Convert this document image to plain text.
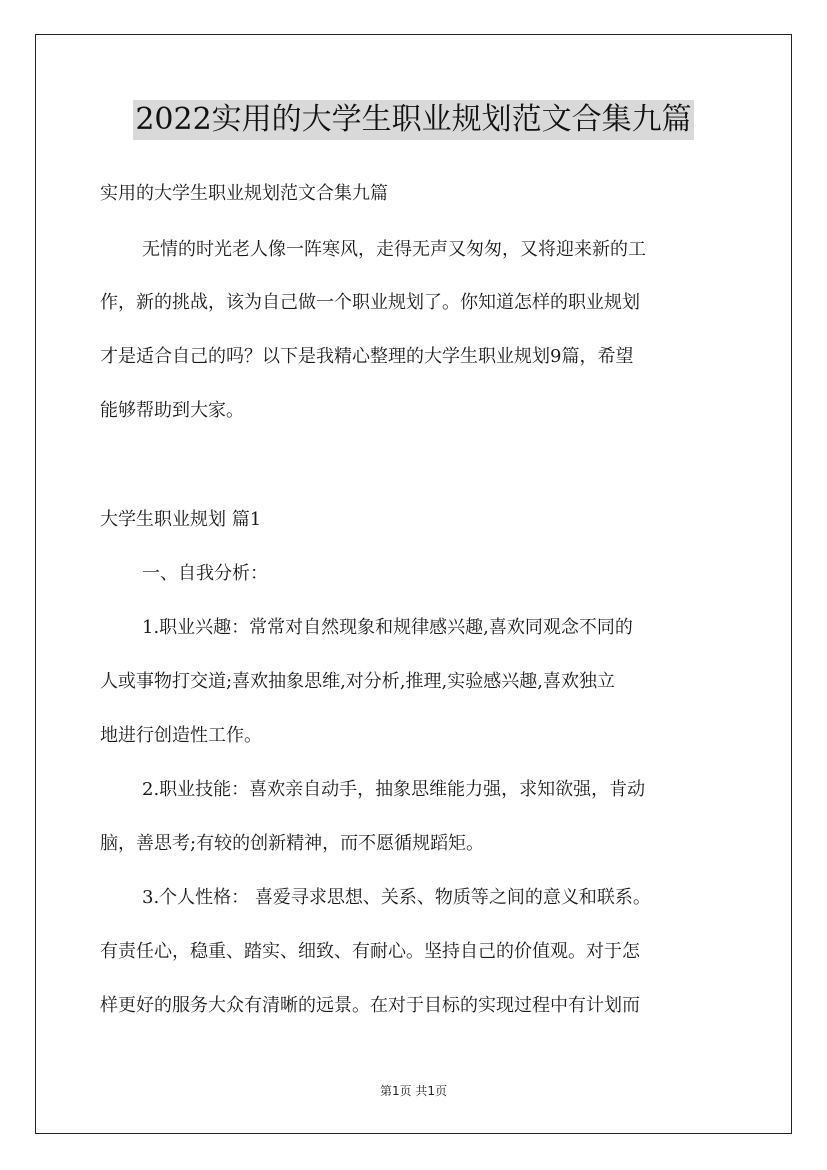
2022实用的大学生职业规划范文合集九篇
实用的大学生职业规划范文合集九篇
无情的时光老人像一阵寒风，走得无声又匆匆，又将迎来新的工
作，新的挑战，该为自己做一个职业规划了。你知道怎样的职业规划
才是适合自己的吗？以下是我精心整理的大学生职业规划9篇，希望
能够帮助到大家。
大学生职业规划 篇1
一、自我分析：
1.职业兴趣：常常对自然现象和规律感兴趣,喜欢同观念不同的
人或事物打交道;喜欢抽象思维,对分析,推理,实验感兴趣,喜欢独立
地进行创造性工作。
2.职业技能：喜欢亲自动手，抽象思维能力强，求知欲强，肯动
脑，善思考;有较的创新精神，而不愿循规蹈矩。
3.个人性格： 喜爱寻求思想、关系、物质等之间的意义和联系。
有责任心，稳重、踏实、细致、有耐心。坚持自己的价值观。对于怎
样更好的服务大众有清晰的远景。在对于目标的实现过程中有计划而
第1页 共1页
